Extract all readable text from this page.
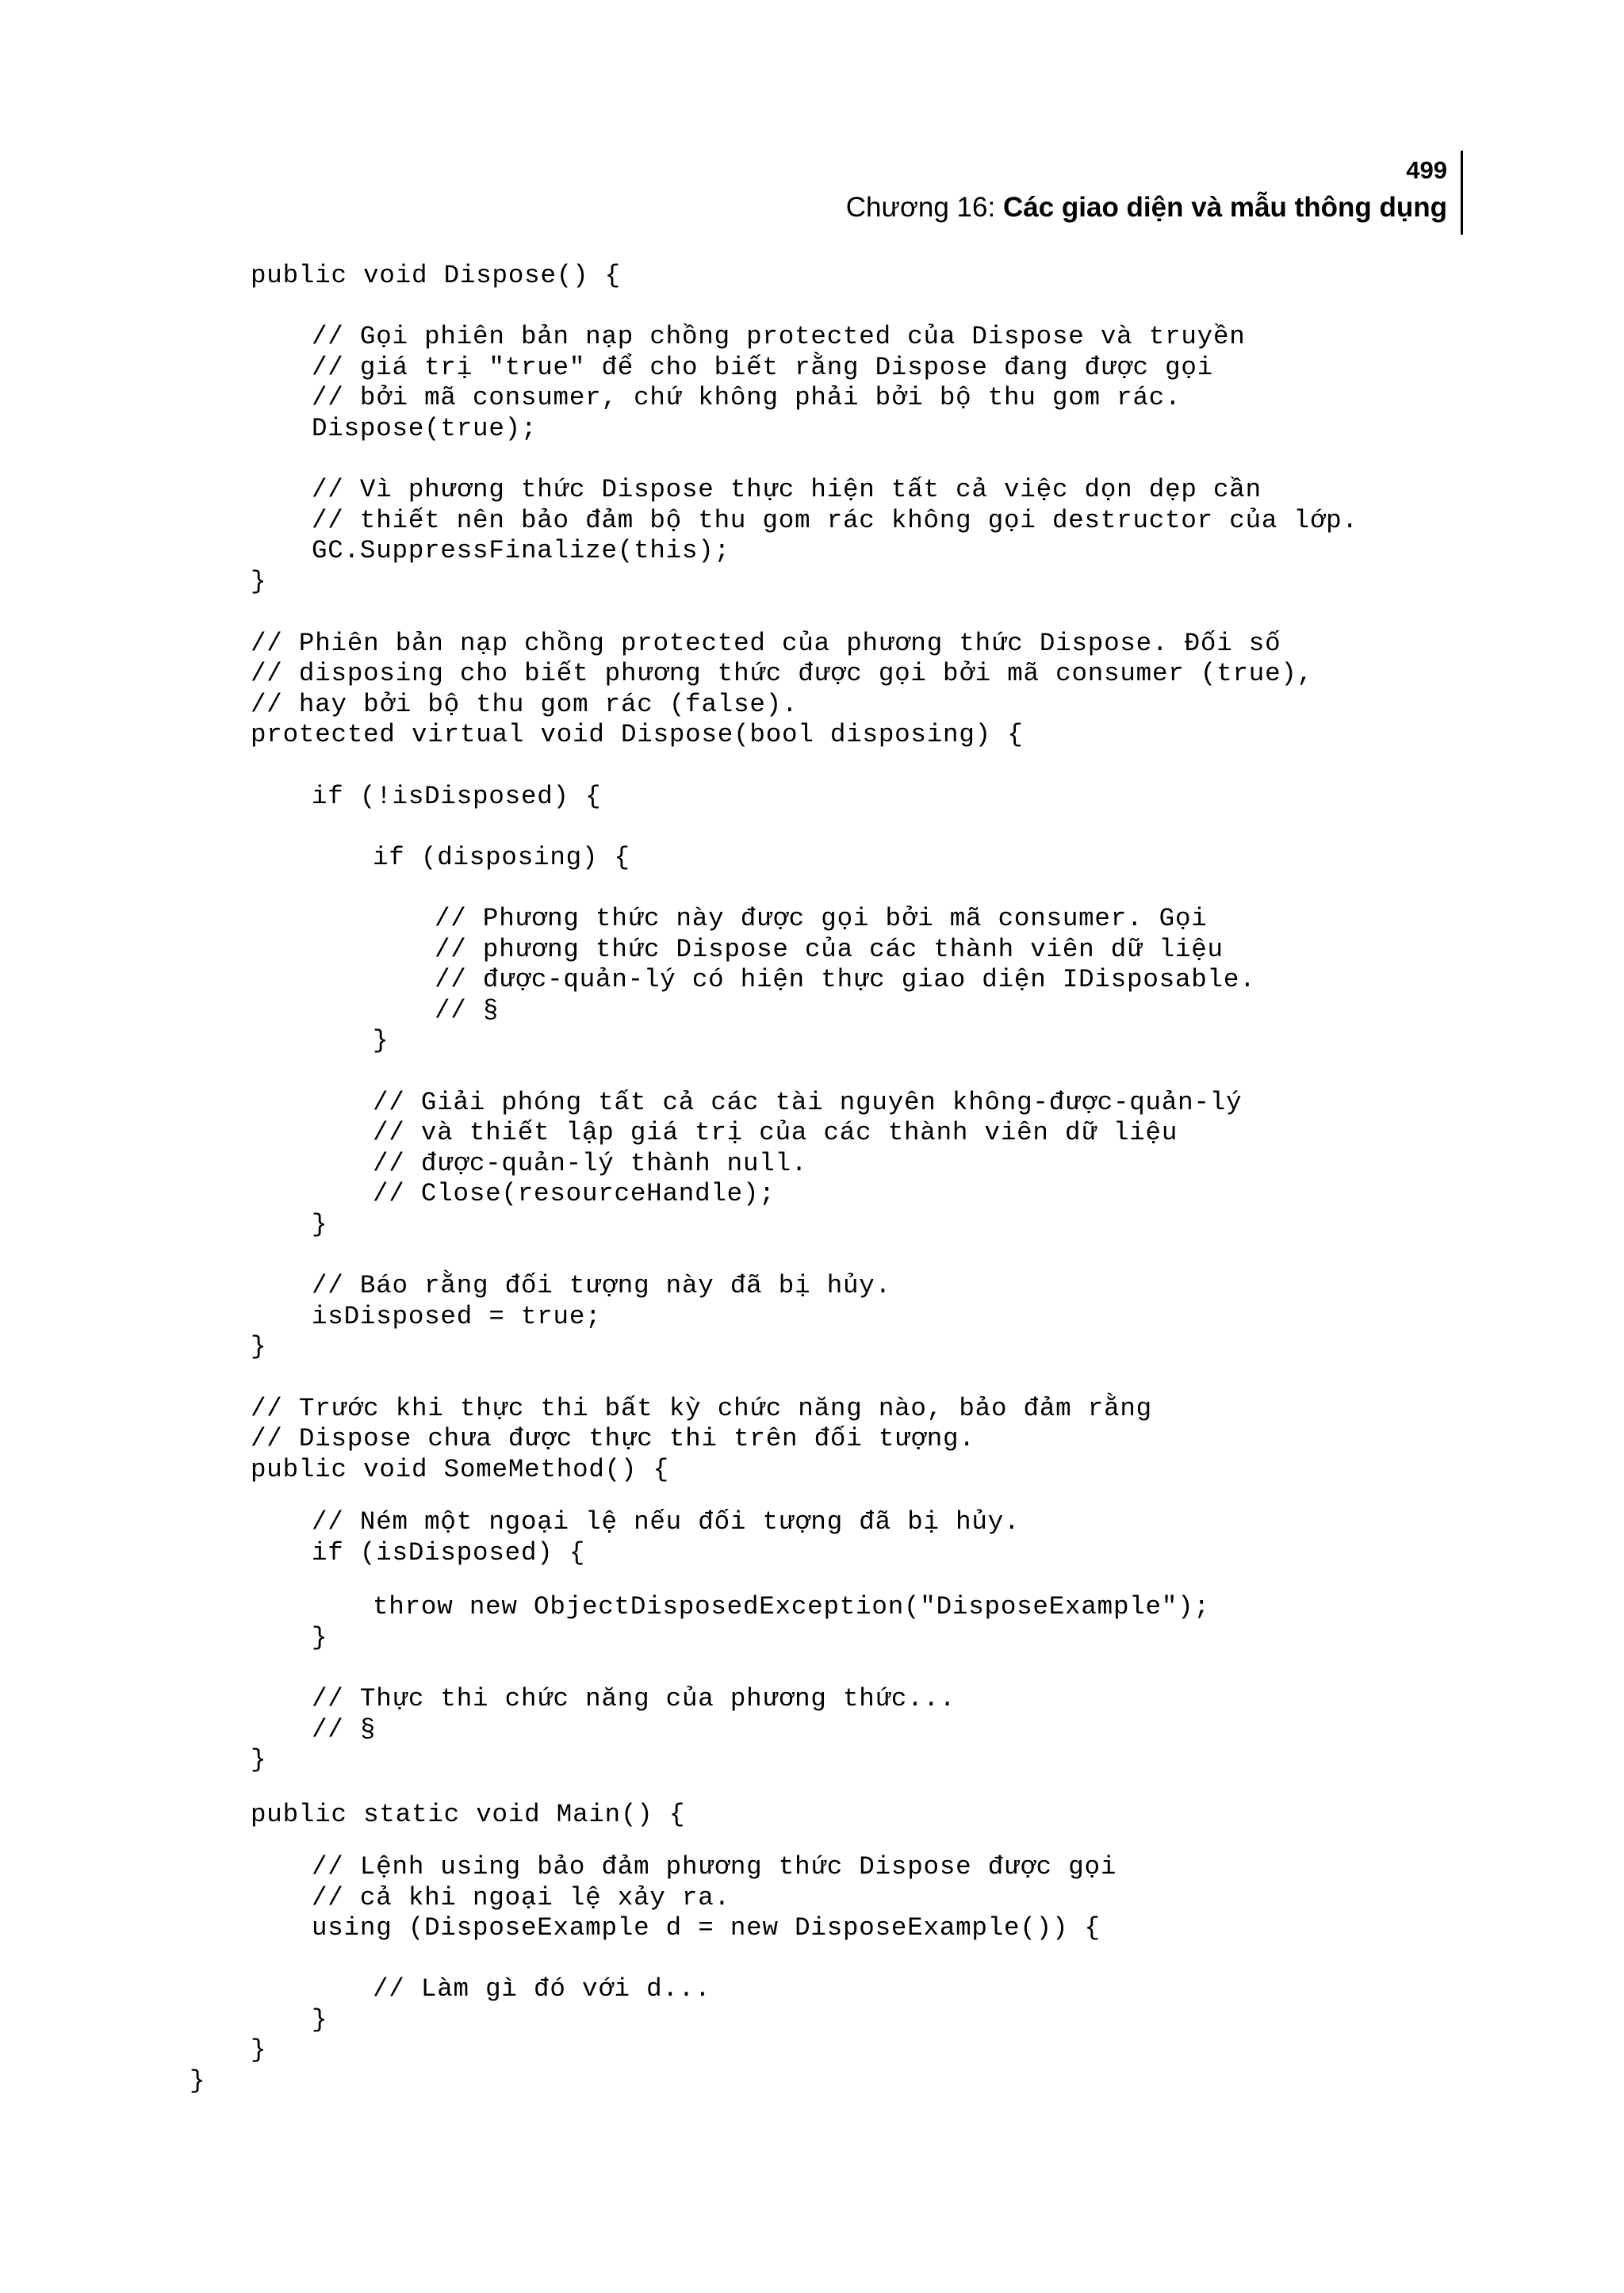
499
Chương 16: Các giao diện và mẫu thông dụng

public void Dispose() {

// Gọi phiên bản nạp chồng protected của Dispose và truyền

// giá trị "true" để cho biết rằng Dispose đang được gọi

// bởi mã consumer, chứ không phải bởi bộ thu gom rác.

Dispose(true);

// Vì phương thức Dispose thực hiện tất cả việc dọn dẹp cần

// thiết nên bảo đảm bộ thu gom rác không gọi destructor của lớp.

GC.SuppressFinalize(this);

}

// Phiên bản nạp chồng protected của phương thức Dispose. Đối số

// disposing cho biết phương thức được gọi bởi mã consumer (true),

// hay bởi bộ thu gom rác (false).

protected virtual void Dispose(bool disposing) {

if (!isDisposed) {

if (disposing) {

// Phương thức này được gọi bởi mã consumer. Gọi

// phương thức Dispose của các thành viên dữ liệu

// được-quản-lý có hiện thực giao diện IDisposable.

// §

}

// Giải phóng tất cả các tài nguyên không-được-quản-lý

// và thiết lập giá trị của các thành viên dữ liệu

// được-quản-lý thành null.

// Close(resourceHandle);

}

// Báo rằng đối tượng này đã bị hủy.

isDisposed = true;

}

// Trước khi thực thi bất kỳ chức năng nào, bảo đảm rằng

// Dispose chưa được thực thi trên đối tượng.

public void SomeMethod() {

// Ném một ngoại lệ nếu đối tượng đã bị hủy.

if (isDisposed) {

throw new ObjectDisposedException("DisposeExample");

}

// Thực thi chức năng của phương thức...

// §

}

public static void Main() {

// Lệnh using bảo đảm phương thức Dispose được gọi

// cả khi ngoại lệ xảy ra.

using (DisposeExample d = new DisposeExample()) {

// Làm gì đó với d...

}

}

}
